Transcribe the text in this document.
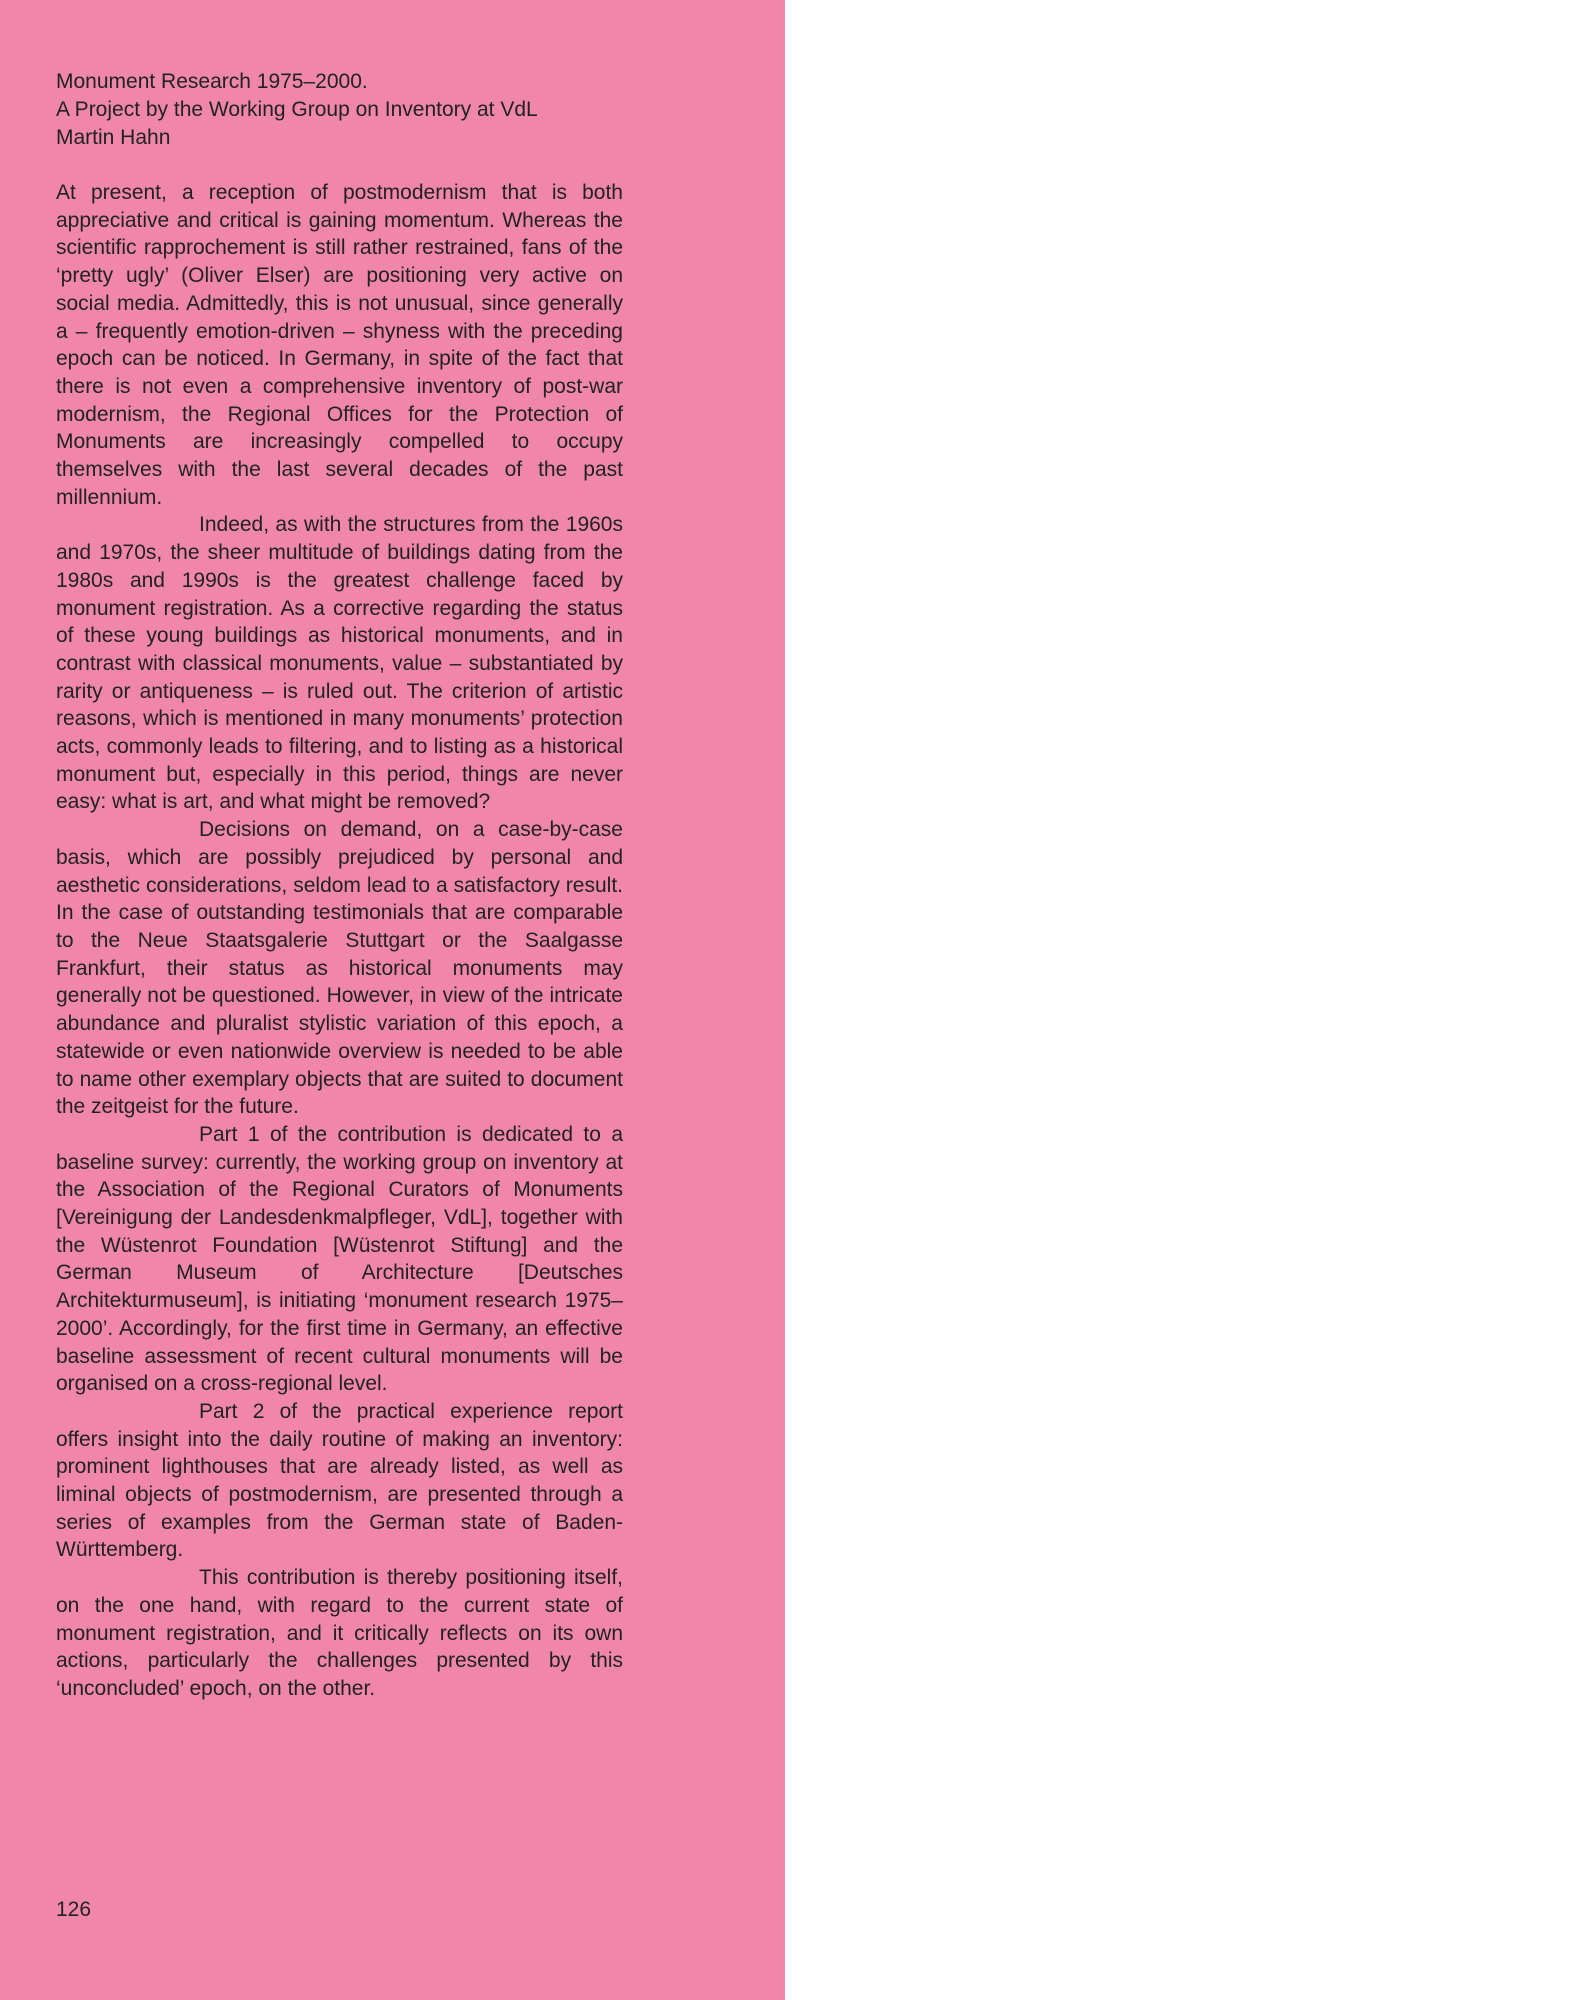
Monument Research 1975–2000.
A Project by the Working Group on Inventory at VdL
Martin Hahn

At present, a reception of postmodernism that is both appreciative and critical is gaining momentum. Whereas the scientific rapprochement is still rather restrained, fans of the ‘pretty ugly’ (Oliver Elser) are positioning very active on social media. Admittedly, this is not unusual, since generally a – frequently emotion-driven – shyness with the preceding epoch can be noticed. In Germany, in spite of the fact that there is not even a comprehensive inventory of post-war modernism, the Regional Offices for the Protection of Monuments are increasingly compelled to occupy themselves with the last several decades of the past millennium.

Indeed, as with the structures from the 1960s and 1970s, the sheer multitude of buildings dating from the 1980s and 1990s is the greatest challenge faced by monument registration. As a corrective regarding the status of these young buildings as historical monuments, and in contrast with classical monuments, value – substantiated by rarity or antiqueness – is ruled out. The criterion of artistic reasons, which is mentioned in many monuments’ protection acts, commonly leads to filtering, and to listing as a historical monument but, especially in this period, things are never easy: what is art, and what might be removed?

Decisions on demand, on a case-by-case basis, which are possibly prejudiced by personal and aesthetic considerations, seldom lead to a satisfactory result. In the case of outstanding testimonials that are comparable to the Neue Staatsgalerie Stuttgart or the Saalgasse Frankfurt, their status as historical monuments may generally not be questioned. However, in view of the intricate abundance and pluralist stylistic variation of this epoch, a statewide or even nationwide overview is needed to be able to name other exemplary objects that are suited to document the zeitgeist for the future.

Part 1 of the contribution is dedicated to a baseline survey: currently, the working group on inventory at the Association of the Regional Curators of Monuments [Vereinigung der Landesdenkmalpfleger, VdL], together with the Wüstenrot Foundation [Wüstenrot Stiftung] and the German Museum of Architecture [Deutsches Architekturmuseum], is initiating ‘monument research 1975–2000’. Accordingly, for the first time in Germany, an effective baseline assessment of recent cultural monuments will be organised on a cross-regional level.

Part 2 of the practical experience report offers insight into the daily routine of making an inventory: prominent lighthouses that are already listed, as well as liminal objects of postmodernism, are presented through a series of examples from the German state of Baden-Württemberg.

This contribution is thereby positioning itself, on the one hand, with regard to the current state of monument registration, and it critically reflects on its own actions, particularly the challenges presented by this ‘unconcluded’ epoch, on the other.

126
